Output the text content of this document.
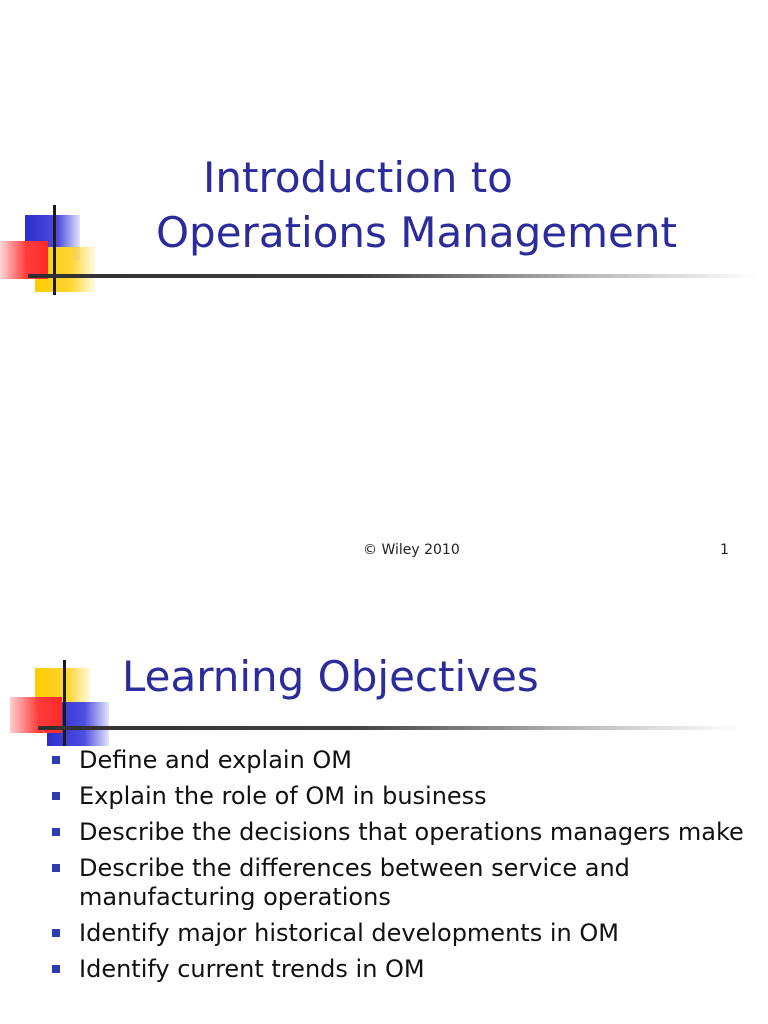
Introduction to
Operations Management
© Wiley 2010	1
Learning Objectives
Define and explain OM
Explain the role of OM in business
Describe the decisions that operations managers make
Describe the differences between service and manufacturing operations
Identify major historical developments in OM
Identify current trends in OM
